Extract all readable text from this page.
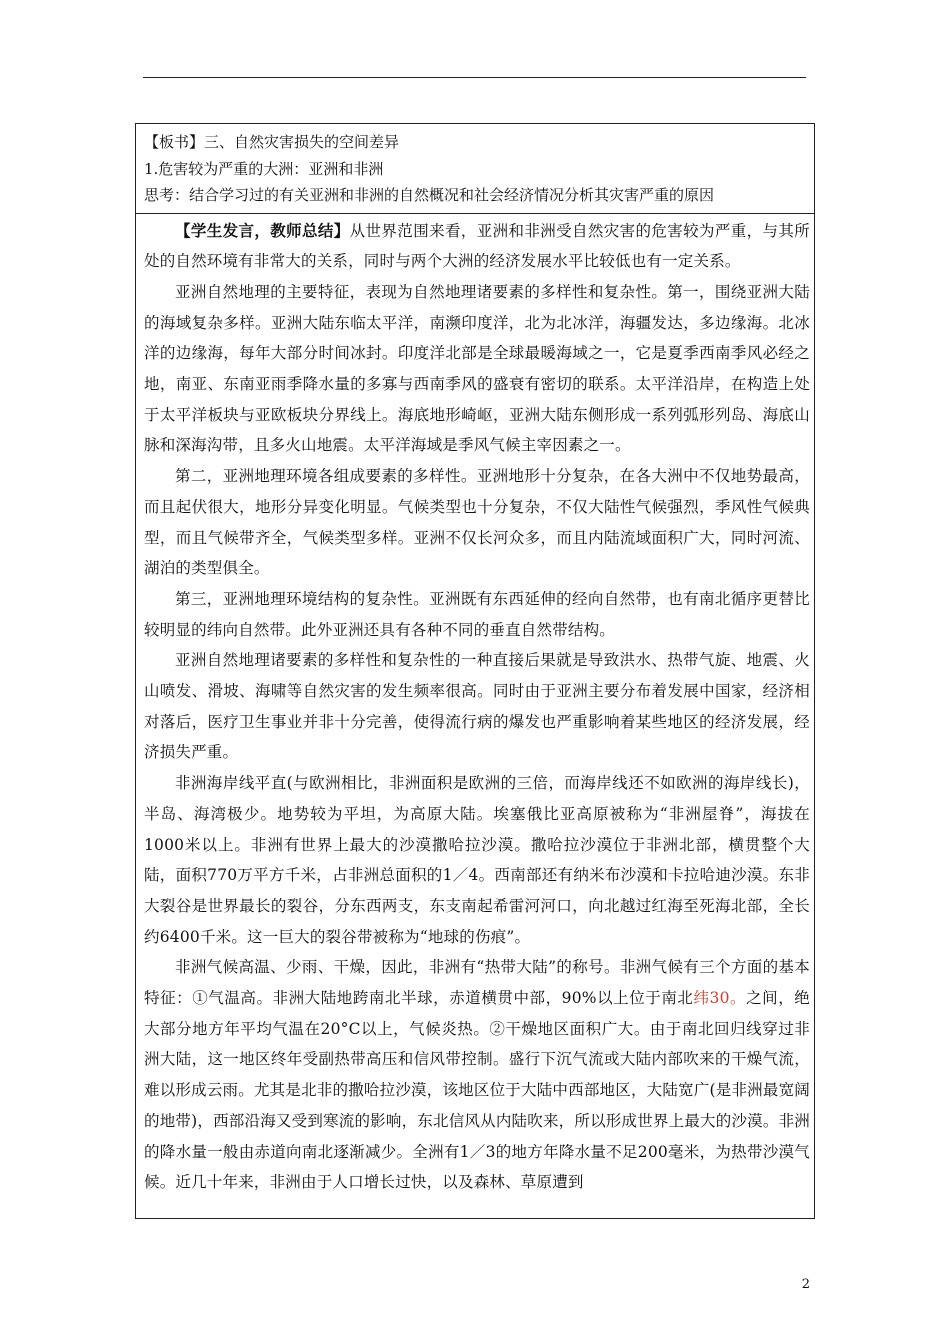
【板书】三、自然灾害损失的空间差异

1.危害较为严重的大洲：亚洲和非洲

思考：结合学习过的有关亚洲和非洲的自然概况和社会经济情况分析其灾害严重的原因

【学生发言，教师总结】从世界范围来看，亚洲和非洲受自然灾害的危害较为严重，与其所处的自然环境有非常大的关系，同时与两个大洲的经济发展水平比较低也有一定关系。

亚洲自然地理的主要特征，表现为自然地理诸要素的多样性和复杂性。第一，围绕亚洲大陆的海域复杂多样。亚洲大陆东临太平洋，南濒印度洋，北为北冰洋，海疆发达，多边缘海。北冰洋的边缘海，每年大部分时间冰封。印度洋北部是全球最暖海域之一，它是夏季西南季风必经之地，南亚、东南亚雨季降水量的多寡与西南季风的盛衰有密切的联系。太平洋沿岸，在构造上处于太平洋板块与亚欧板块分界线上。海底地形崎岖，亚洲大陆东侧形成一系列弧形列岛、海底山脉和深海沟带，且多火山地震。太平洋海域是季风气候主宰因素之一。

第二，亚洲地理环境各组成要素的多样性。亚洲地形十分复杂，在各大洲中不仅地势最高，而且起伏很大，地形分异变化明显。气候类型也十分复杂，不仅大陆性气候强烈，季风性气候典型，而且气候带齐全，气候类型多样。亚洲不仅长河众多，而且内陆流域面积广大，同时河流、湖泊的类型俱全。

第三，亚洲地理环境结构的复杂性。亚洲既有东西延伸的经向自然带，也有南北循序更替比较明显的纬向自然带。此外亚洲还具有各种不同的垂直自然带结构。

亚洲自然地理诸要素的多样性和复杂性的一种直接后果就是导致洪水、热带气旋、地震、火山喷发、滑坡、海啸等自然灾害的发生频率很高。同时由于亚洲主要分布着发展中国家，经济相对落后，医疗卫生事业并非十分完善，使得流行病的爆发也严重影响着某些地区的经济发展，经济损失严重。

非洲海岸线平直(与欧洲相比，非洲面积是欧洲的三倍，而海岸线还不如欧洲的海岸线长)，半岛、海湾极少。地势较为平坦，为高原大陆。埃塞俄比亚高原被称为“非洲屋脊”，海拔在1000米以上。非洲有世界上最大的沙漠撒哈拉沙漠。撒哈拉沙漠位于非洲北部，横贯整个大陆，面积770万平方千米，占非洲总面积的1／4。西南部还有纳米布沙漠和卡拉哈迪沙漠。东非大裂谷是世界最长的裂谷，分东西两支，东支南起希雷河河口，向北越过红海至死海北部，全长约6400千米。这一巨大的裂谷带被称为“地球的伤痕”。

非洲气候高温、少雨、干燥，因此，非洲有“热带大陆”的称号。非洲气候有三个方面的基本特征：①气温高。非洲大陆地跨南北半球，赤道横贯中部，90%以上位于南北纬30。之间，绝大部分地方年平均气温在20°C以上，气候炎热。②干燥地区面积广大。由于南北回归线穿过非洲大陆，这一地区终年受副热带高压和信风带控制。盛行下沉气流或大陆内部吹来的干燥气流，难以形成云雨。尤其是北非的撒哈拉沙漠，该地区位于大陆中西部地区，大陆宽广(是非洲最宽阔的地带)，西部沿海又受到寒流的影响，东北信风从内陆吹来，所以形成世界上最大的沙漠。非洲的降水量一般由赤道向南北逐渐减少。全洲有1／3的地方年降水量不足200毫米，为热带沙漠气候。近几十年来，非洲由于人口增长过快，以及森林、草原遭到

2
